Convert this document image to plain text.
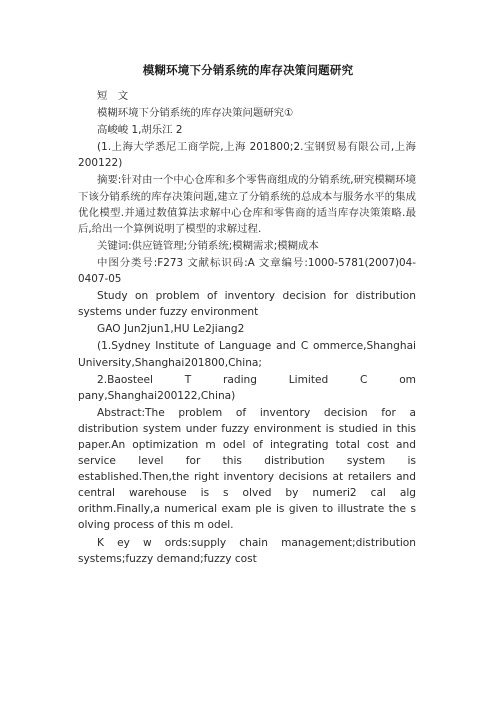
模糊环境下分销系统的库存决策问题研究

短　文

模糊环境下分销系统的库存决策问题研究①

高峻峻 1,胡乐江 2

(1.上海大学悉尼工商学院,上海 201800;2.宝钢贸易有限公司,上海 200122)

摘要:针对由一个中心仓库和多个零售商组成的分销系统,研究模糊环境下该分销系统的库存决策问题,建立了分销系统的总成本与服务水平的集成优化模型.并通过数值算法求解中心仓库和零售商的适当库存决策策略.最后,给出一个算例说明了模型的求解过程.

关键词:供应链管理;分销系统;模糊需求;模糊成本

中图分类号:F273 文献标识码:A 文章编号:1000-5781(2007)04-0407-05

Study on problem of inventory decision for distribution systems under fuzzy environment

GAO Jun2jun1,HU Le2jiang2

(1.Sydney Institute of Language and C ommerce,Shanghai University,Shanghai201800,China;

2.Baosteel T rading Limited C om pany,Shanghai200122,China)

Abstract:The problem of inventory decision for a distribution system under fuzzy environment is studied in this paper.An optimization m odel of integrating total cost and service level for this distribution system is established.Then,the right inventory decisions at retailers and central warehouse is s olved by numeri2 cal alg orithm.Finally,a numerical exam ple is given to illustrate the s olving process of this m odel.

K ey w ords:supply chain management;distribution systems;fuzzy demand;fuzzy cost
